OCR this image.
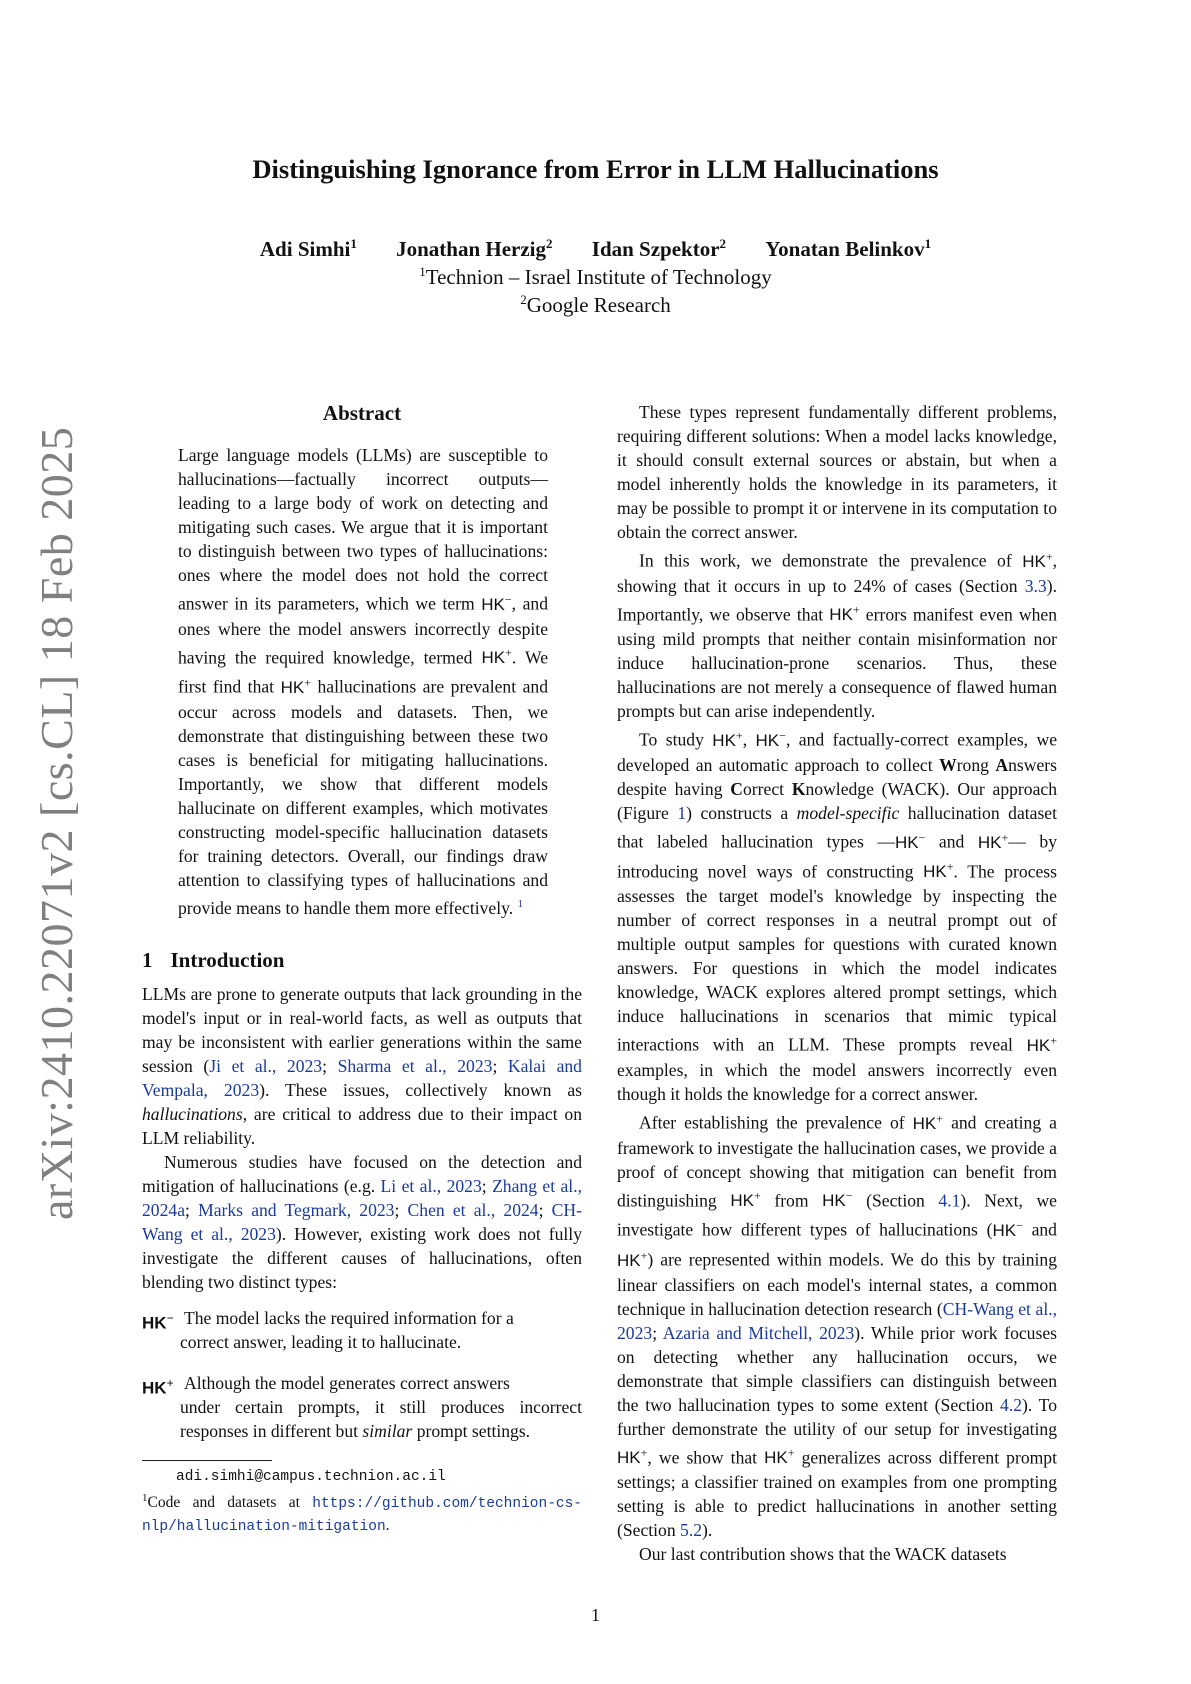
arXiv:2410.22071v2 [cs.CL] 18 Feb 2025
Distinguishing Ignorance from Error in LLM Hallucinations
Adi Simhi$^1$ Jonathan Herzig$^2$ Idan Szpektor$^2$ Yonatan Belinkov$^1$
$^1$Technion – Israel Institute of Technology
$^2$Google Research
Abstract

Large language models (LLMs) are susceptible to hallucinations—factually incorrect outputs—leading to a large body of work on detecting and mitigating such cases. We argue that it is important to distinguish between two types of hallucinations: ones where the model does not hold the correct answer in its parameters, which we term HK−, and ones where the model answers incorrectly despite having the required knowledge, termed HK+. We first find that HK+ hallucinations are prevalent and occur across models and datasets. Then, we demonstrate that distinguishing between these two cases is beneficial for mitigating hallucinations. Importantly, we show that different models hallucinate on different examples, which motivates constructing model-specific hallucination datasets for training detectors. Overall, our findings draw attention to classifying types of hallucinations and provide means to handle them more effectively. $^1$

1 Introduction

LLMs are prone to generate outputs that lack grounding in the model's input or in real-world facts, as well as outputs that may be inconsistent with earlier generations within the same session (Ji et al., 2023; Sharma et al., 2023; Kalai and Vempala, 2023). These issues, collectively known as hallucinations, are critical to address due to their impact on LLM reliability.

Numerous studies have focused on the detection and mitigation of hallucinations (e.g. Li et al., 2023; Zhang et al., 2024a; Marks and Tegmark, 2023; Chen et al., 2024; CH-Wang et al., 2023). However, existing work does not fully investigate the different causes of hallucinations, often blending two distinct types:

HK− The model lacks the required information for a
correct answer, leading it to hallucinate.
HK+ Although the model generates correct answers
under certain prompts, it still produces incorrect responses in different but similar prompt settings.
adi.simhi@campus.technion.ac.il
$^1$Code and datasets at https://github.com/technion-cs-nlp/hallucination-mitigation.

These types represent fundamentally different problems, requiring different solutions: When a model lacks knowledge, it should consult external sources or abstain, but when a model inherently holds the knowledge in its parameters, it may be possible to prompt it or intervene in its computation to obtain the correct answer.

In this work, we demonstrate the prevalence of HK+, showing that it occurs in up to 24% of cases (Section 3.3). Importantly, we observe that HK+ errors manifest even when using mild prompts that neither contain misinformation nor induce hallucination-prone scenarios. Thus, these hallucinations are not merely a consequence of flawed human prompts but can arise independently.

To study HK+, HK−, and factually-correct examples, we developed an automatic approach to collect Wrong Answers despite having Correct Knowledge (WACK). Our approach (Figure 1) constructs a model-specific hallucination dataset that labeled hallucination types —HK− and HK+— by introducing novel ways of constructing HK+. The process assesses the target model's knowledge by inspecting the number of correct responses in a neutral prompt out of multiple output samples for questions with curated known answers. For questions in which the model indicates knowledge, WACK explores altered prompt settings, which induce hallucinations in scenarios that mimic typical interactions with an LLM. These prompts reveal HK+ examples, in which the model answers incorrectly even though it holds the knowledge for a correct answer.

After establishing the prevalence of HK+ and creating a framework to investigate the hallucination cases, we provide a proof of concept showing that mitigation can benefit from distinguishing HK+ from HK− (Section 4.1). Next, we investigate how different types of hallucinations (HK− and HK+) are represented within models. We do this by training linear classifiers on each model's internal states, a common technique in hallucination detection research (CH-Wang et al., 2023; Azaria and Mitchell, 2023). While prior work focuses on detecting whether any hallucination occurs, we demonstrate that simple classifiers can distinguish between the two hallucination types to some extent (Section 4.2). To further demonstrate the utility of our setup for investigating HK+, we show that HK+ generalizes across different prompt settings; a classifier trained on examples from one prompting setting is able to predict hallucinations in another setting (Section 5.2).

Our last contribution shows that the WACK datasets

1
